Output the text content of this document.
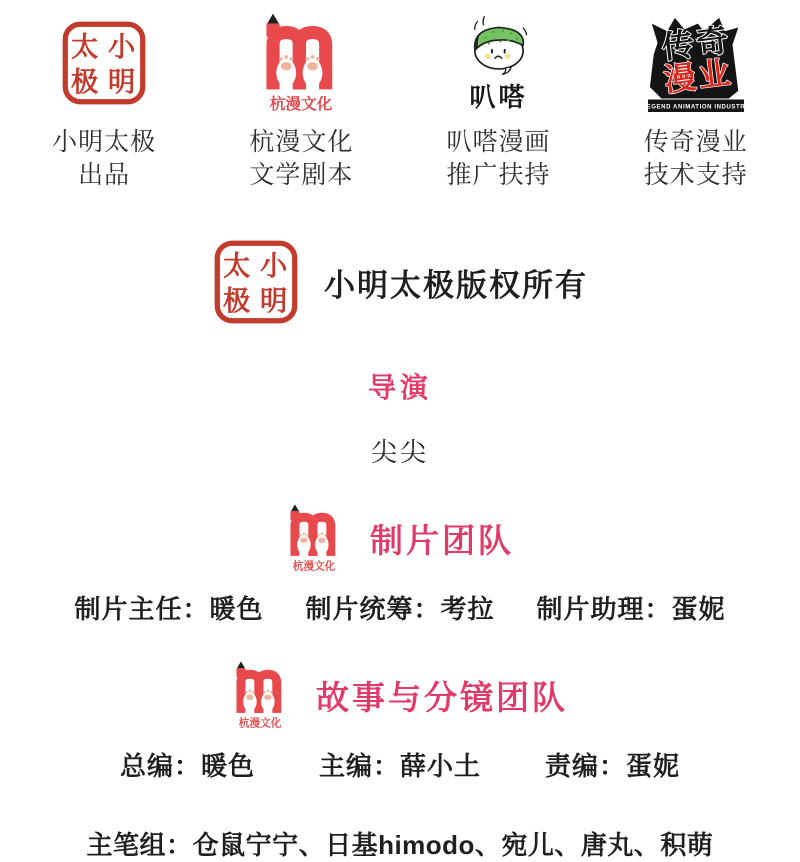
太 小
极 明
小明太极
出品
杭漫文化
杭漫文化
文学剧本
叭嗒
叭嗒漫画
推广扶持
传奇
漫业
LEGEND ANIMATION INDUSTRY
传奇漫业
技术支持
太 小
极 明 小明太极版权所有
导演
尖尖
杭漫文化
制片团队
制片主任：暖色 制片统筹：考拉 制片助理：蛋妮
杭漫文化
故事与分镜团队
总编：暖色 主编：薛小土 责编：蛋妮
主笔组：仓鼠宁宁、日基himodo、宛儿、唐丸、积萌
